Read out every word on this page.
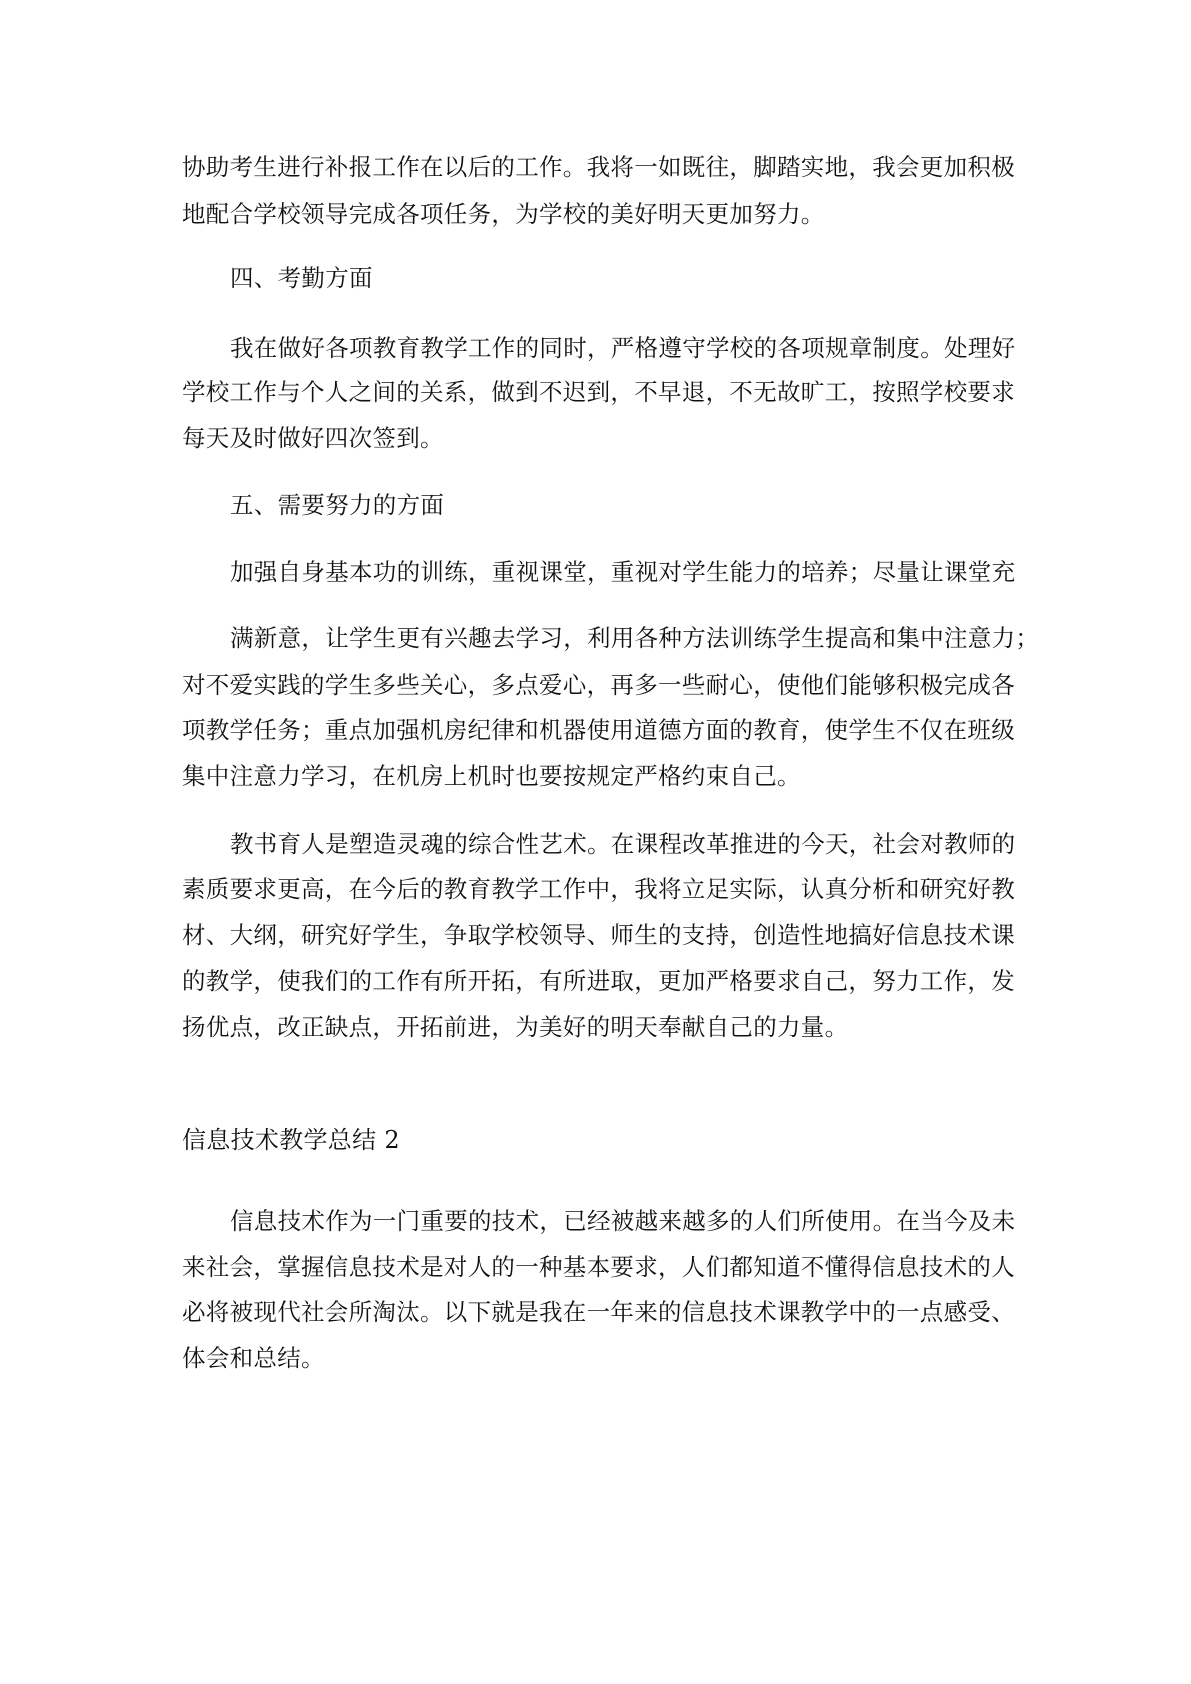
协助考生进行补报工作在以后的工作。我将一如既往，脚踏实地，我会更加积极
地配合学校领导完成各项任务，为学校的美好明天更加努力。
四、考勤方面
我在做好各项教育教学工作的同时，严格遵守学校的各项规章制度。处理好
学校工作与个人之间的关系，做到不迟到，不早退，不无故旷工，按照学校要求
每天及时做好四次签到。
五、需要努力的方面
加强自身基本功的训练，重视课堂，重视对学生能力的培养；尽量让课堂充
满新意，让学生更有兴趣去学习，利用各种方法训练学生提高和集中注意力；
对不爱实践的学生多些关心，多点爱心，再多一些耐心，使他们能够积极完成各
项教学任务；重点加强机房纪律和机器使用道德方面的教育，使学生不仅在班级
集中注意力学习，在机房上机时也要按规定严格约束自己。
教书育人是塑造灵魂的综合性艺术。在课程改革推进的今天，社会对教师的
素质要求更高，在今后的教育教学工作中，我将立足实际，认真分析和研究好教
材、大纲，研究好学生，争取学校领导、师生的支持，创造性地搞好信息技术课
的教学，使我们的工作有所开拓，有所进取，更加严格要求自己，努力工作，发
扬优点，改正缺点，开拓前进，为美好的明天奉献自己的力量。
信息技术教学总结 2
信息技术作为一门重要的技术，已经被越来越多的人们所使用。在当今及未
来社会，掌握信息技术是对人的一种基本要求，人们都知道不懂得信息技术的人
必将被现代社会所淘汰。以下就是我在一年来的信息技术课教学中的一点感受、
体会和总结。
